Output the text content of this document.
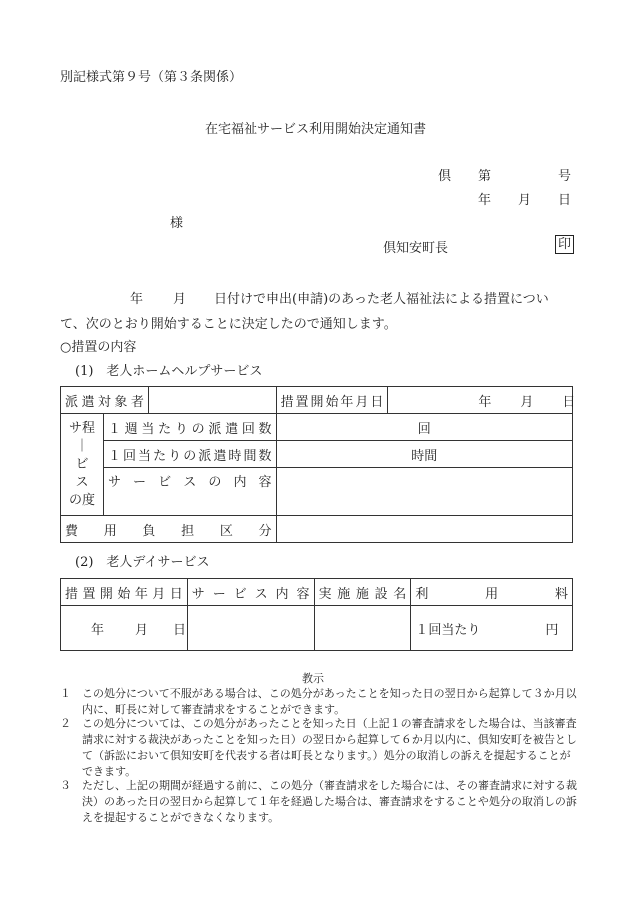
別記様式第９号（第３条関係）
在宅福祉サービス利用開始決定通知書
倶 第	号
年 月 日
様
倶知安町長	印
年 月 日付けで申出(申請)のあった老人福祉法による措置につい
て、次のとおり開始することに決定したので通知します。
○措置の内容
(1)　老人ホームヘルプサービス
派遣対象者			措置開始年月日	年 月 日

サ程
｜
ビ
ス
の度	１週当たりの派遣回数		回	
	１回当たりの派遣時間数		時間	
	サービスの内容			
費用負担区分				
(2)　老人デイサービス
措置開始年月日	サービス内容	実施施設名	利用料

年 月 日			１回当たり 円
教示
１ この処分について不服がある場合は、この処分があったことを知った日の翌日から起算して３か月以内に、町長に対して審査請求をすることができます。
２ この処分については、この処分があったことを知った日（上記１の審査請求をした場合は、当該審査請求に対する裁決があったことを知った日）の翌日から起算して６か月以内に、倶知安町を被告として（訴訟において倶知安町を代表する者は町長となります。）処分の取消しの訴えを提起することができます。
３ ただし、上記の期間が経過する前に、この処分（審査請求をした場合には、その審査請求に対する裁決）のあった日の翌日から起算して１年を経過した場合は、審査請求をすることや処分の取消しの訴えを提起することができなくなります。
